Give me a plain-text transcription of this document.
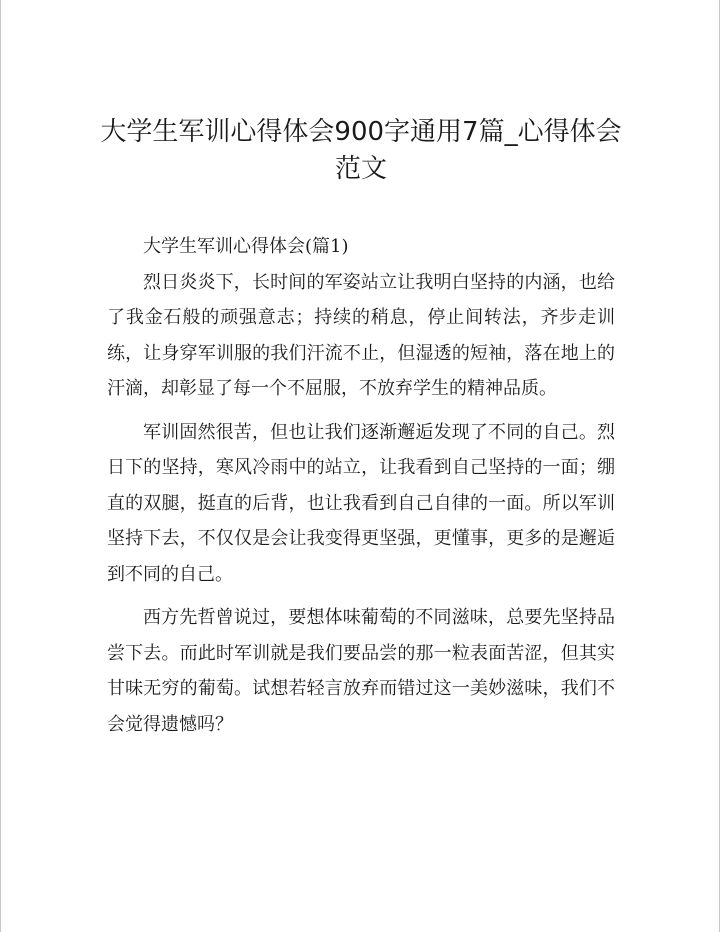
大学生军训心得体会900字通用7篇_心得体会范文

大学生军训心得体会(篇1)

烈日炎炎下，长时间的军姿站立让我明白坚持的内涵，也给了我金石般的顽强意志；持续的稍息，停止间转法，齐步走训练，让身穿军训服的我们汗流不止，但湿透的短袖，落在地上的汗滴，却彰显了每一个不屈服，不放弃学生的精神品质。

军训固然很苦，但也让我们逐渐邂逅发现了不同的自己。烈日下的坚持，寒风冷雨中的站立，让我看到自己坚持的一面；绷直的双腿，挺直的后背，也让我看到自己自律的一面。所以军训坚持下去，不仅仅是会让我变得更坚强，更懂事，更多的是邂逅到不同的自己。

西方先哲曾说过，要想体味葡萄的不同滋味，总要先坚持品尝下去。而此时军训就是我们要品尝的那一粒表面苦涩，但其实甘味无穷的葡萄。试想若轻言放弃而错过这一美妙滋味，我们不会觉得遗憾吗？
